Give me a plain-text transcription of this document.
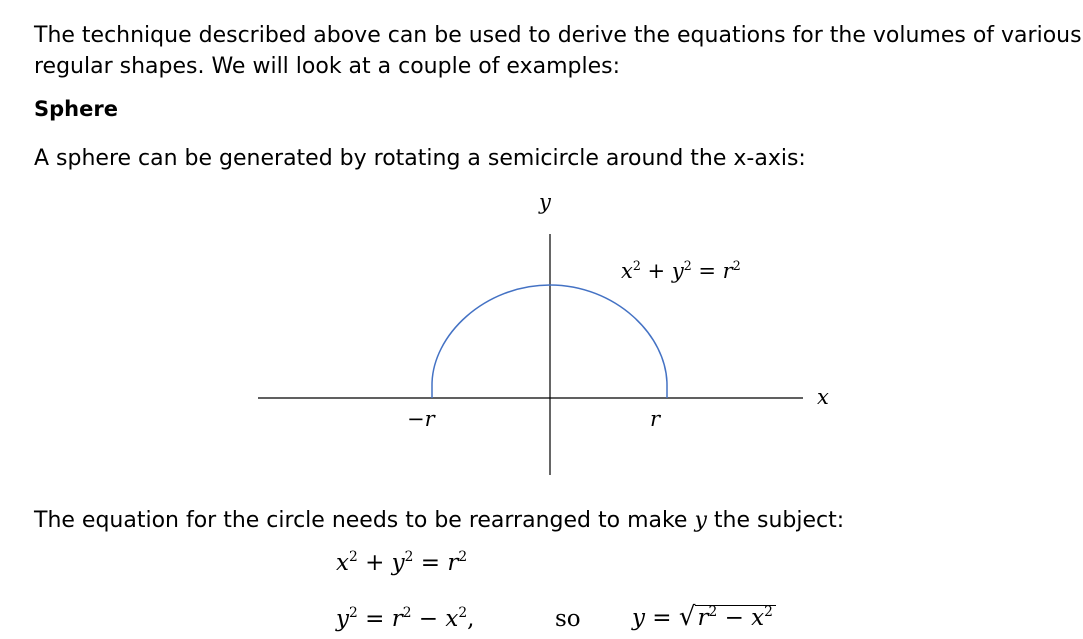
The technique described above can be used to derive the equations for the volumes of various
regular shapes. We will look at a couple of examples:
Sphere
A sphere can be generated by rotating a semicircle around the x-axis:
y
x
−r	r
$x^2 + y^2 = r^2$
The equation for the circle needs to be rearranged to make y the subject:
$x^2 + y^2 = r^2$
$y^2 = r^2 - x^2$,	so $y = √r^2 - x^2$
